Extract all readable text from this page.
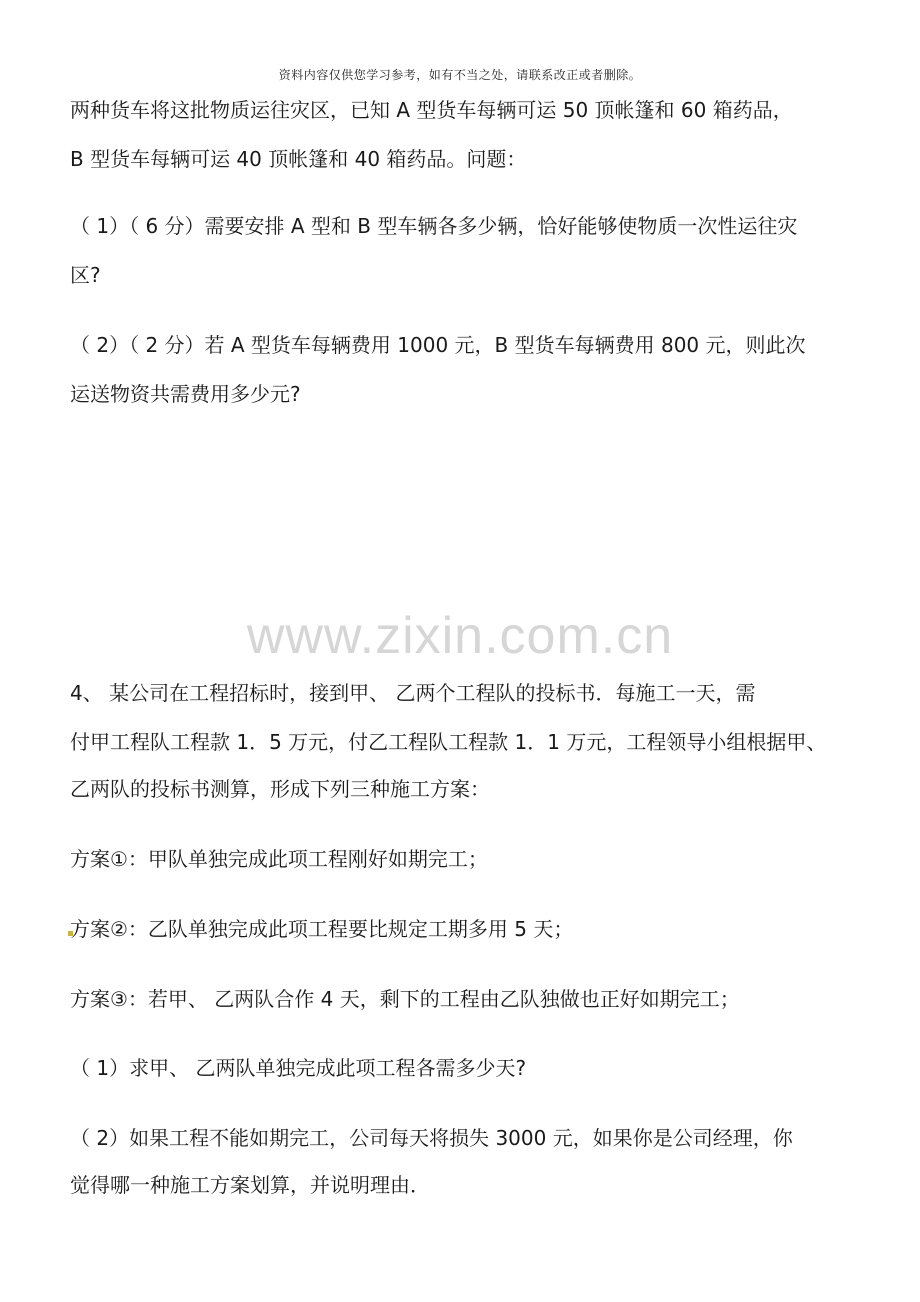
资料内容仅供您学习参考，如有不当之处，请联系改正或者删除。
两种货车将这批物质运往灾区，已知 A 型货车每辆可运 50 顶帐篷和 60 箱药品，
B 型货车每辆可运 40 顶帐篷和 40 箱药品。问题：
（ 1）（ 6 分）需要安排 A 型和 B 型车辆各多少辆，恰好能够使物质一次性运往灾
区?
（ 2）（ 2 分）若 A 型货车每辆费用 1000 元，B 型货车每辆费用 800 元，则此次
运送物资共需费用多少元?
www.zixin.com.cn
4、 某公司在工程招标时，接到甲、 乙两个工程队的投标书．每施工一天，需
付甲工程队工程款 1．5 万元，付乙工程队工程款 1．1 万元，工程领导小组根据甲、
乙两队的投标书测算，形成下列三种施工方案：
方案①：甲队单独完成此项工程刚好如期完工；
方案②：乙队单独完成此项工程要比规定工期多用 5 天；
方案③：若甲、 乙两队合作 4 天，剩下的工程由乙队独做也正好如期完工；
（ 1）求甲、 乙两队单独完成此项工程各需多少天?
（ 2）如果工程不能如期完工，公司每天将损失 3000 元，如果你是公司经理，你
觉得哪一种施工方案划算，并说明理由．
